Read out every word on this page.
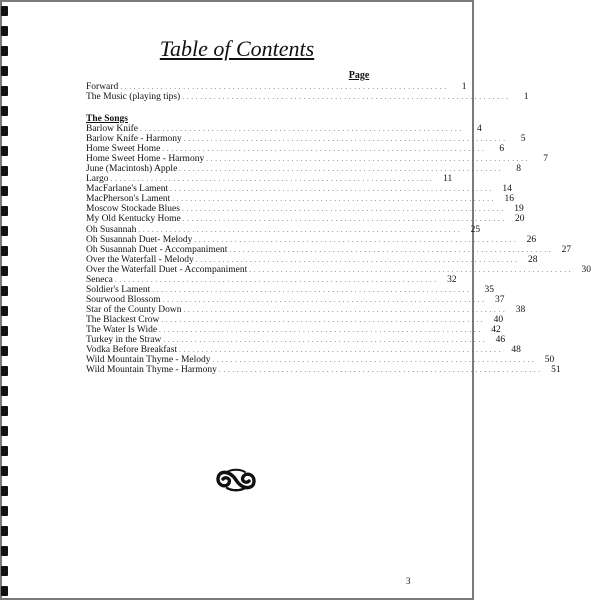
Table of Contents
Page
Forward . . . . . . . . . . . . . . . . . . . . . . . . . . . . . . . . . . . . . . . . . . . . . . . . . . . . . . . . . . . . . . . . . . . . . . . . .	1
The Music (playing tips) . . . . . . . . . . . . . . . . . . . . . . . . . . . . . . . . . . . . . . . . . . . . . . . . . . . . . . . . . . . . . . . . . . . . . . . . .	1
The Songs
Barlow Knife . . . . . . . . . . . . . . . . . . . . . . . . . . . . . . . . . . . . . . . . . . . . . . . . . . . . . . . . . . . . . . . . . . . . . . . .	4
Barlow Knife - Harmony . . . . . . . . . . . . . . . . . . . . . . . . . . . . . . . . . . . . . . . . . . . . . . . . . . . . . . . . . . . . . . . . . . . . . . . .	5
Home Sweet Home . . . . . . . . . . . . . . . . . . . . . . . . . . . . . . . . . . . . . . . . . . . . . . . . . . . . . . . . . . . . . . . . . . . . . . . .	6
Home Sweet Home - Harmony . . . . . . . . . . . . . . . . . . . . . . . . . . . . . . . . . . . . . . . . . . . . . . . . . . . . . . . . . . . . . . . . . . . . . . . .	7
June (Macintosh) Apple . . . . . . . . . . . . . . . . . . . . . . . . . . . . . . . . . . . . . . . . . . . . . . . . . . . . . . . . . . . . . . . . . . . . . . . .	8
Largo . . . . . . . . . . . . . . . . . . . . . . . . . . . . . . . . . . . . . . . . . . . . . . . . . . . . . . . . . . . . . . . . . . . . . . . .	11
MacFarlane's Lament . . . . . . . . . . . . . . . . . . . . . . . . . . . . . . . . . . . . . . . . . . . . . . . . . . . . . . . . . . . . . . . . . . . . . . . .	14
MacPherson's Lament . . . . . . . . . . . . . . . . . . . . . . . . . . . . . . . . . . . . . . . . . . . . . . . . . . . . . . . . . . . . . . . . . . . . . . . .	16
Moscow Stockade Blues . . . . . . . . . . . . . . . . . . . . . . . . . . . . . . . . . . . . . . . . . . . . . . . . . . . . . . . . . . . . . . . . . . . . . . . .	19
My Old Kentucky Home . . . . . . . . . . . . . . . . . . . . . . . . . . . . . . . . . . . . . . . . . . . . . . . . . . . . . . . . . . . . . . . . . . . . . . . .	20
Oh Susannah . . . . . . . . . . . . . . . . . . . . . . . . . . . . . . . . . . . . . . . . . . . . . . . . . . . . . . . . . . . . . . . . . . . . . . . .	25
Oh Susannah Duet- Melody . . . . . . . . . . . . . . . . . . . . . . . . . . . . . . . . . . . . . . . . . . . . . . . . . . . . . . . . . . . . . . . . . . . . . . . .	26
Oh Susannah Duet - Accompaniment . . . . . . . . . . . . . . . . . . . . . . . . . . . . . . . . . . . . . . . . . . . . . . . . . . . . . . . . . . . . . . . . . . . . . . . .	27
Over the Waterfall - Melody . . . . . . . . . . . . . . . . . . . . . . . . . . . . . . . . . . . . . . . . . . . . . . . . . . . . . . . . . . . . . . . . . . . . . . . .	28
Over the Waterfall Duet - Accompaniment . . . . . . . . . . . . . . . . . . . . . . . . . . . . . . . . . . . . . . . . . . . . . . . . . . . . . . . . . . . . . . . . . . . . . . . .	30
Seneca . . . . . . . . . . . . . . . . . . . . . . . . . . . . . . . . . . . . . . . . . . . . . . . . . . . . . . . . . . . . . . . . . . . . . . . .	32
Soldier's Lament . . . . . . . . . . . . . . . . . . . . . . . . . . . . . . . . . . . . . . . . . . . . . . . . . . . . . . . . . . . . . . . . . . . . . . . .	35
Sourwood Blossom . . . . . . . . . . . . . . . . . . . . . . . . . . . . . . . . . . . . . . . . . . . . . . . . . . . . . . . . . . . . . . . . . . . . . . . .	37
Star of the County Down . . . . . . . . . . . . . . . . . . . . . . . . . . . . . . . . . . . . . . . . . . . . . . . . . . . . . . . . . . . . . . . . . . . . . . . .	38
The Blackest Crow . . . . . . . . . . . . . . . . . . . . . . . . . . . . . . . . . . . . . . . . . . . . . . . . . . . . . . . . . . . . . . . . . . . . . . . .	40
The Water Is Wide . . . . . . . . . . . . . . . . . . . . . . . . . . . . . . . . . . . . . . . . . . . . . . . . . . . . . . . . . . . . . . . . . . . . . . . .	42
Turkey in the Straw . . . . . . . . . . . . . . . . . . . . . . . . . . . . . . . . . . . . . . . . . . . . . . . . . . . . . . . . . . . . . . . . . . . . . . . .	46
Vodka Before Breakfast . . . . . . . . . . . . . . . . . . . . . . . . . . . . . . . . . . . . . . . . . . . . . . . . . . . . . . . . . . . . . . . . . . . . . . . .	48
Wild Mountain Thyme - Melody . . . . . . . . . . . . . . . . . . . . . . . . . . . . . . . . . . . . . . . . . . . . . . . . . . . . . . . . . . . . . . . . . . . . . . . .	50
Wild Mountain Thyme - Harmony . . . . . . . . . . . . . . . . . . . . . . . . . . . . . . . . . . . . . . . . . . . . . . . . . . . . . . . . . . . . . . . . . . . . . . . .	51
3
